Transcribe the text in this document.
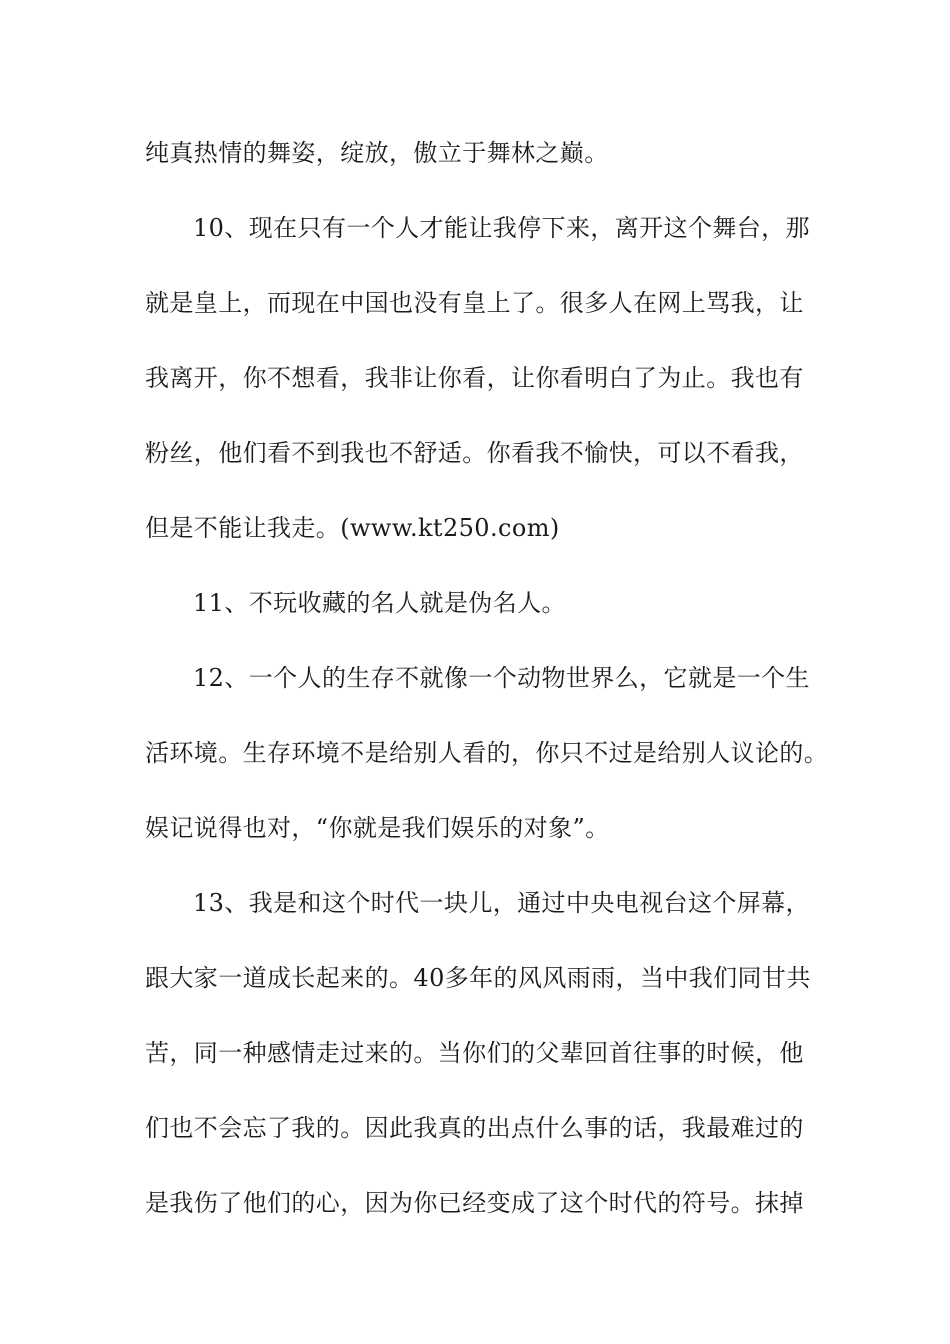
纯真热情的舞姿，绽放，傲立于舞林之巅。
10、现在只有一个人才能让我停下来，离开这个舞台，那
就是皇上，而现在中国也没有皇上了。很多人在网上骂我，让
我离开，你不想看，我非让你看，让你看明白了为止。我也有
粉丝，他们看不到我也不舒适。你看我不愉快，可以不看我，
但是不能让我走。(www.kt250.com)
11、不玩收藏的名人就是伪名人。
12、一个人的生存不就像一个动物世界么，它就是一个生
活环境。生存环境不是给别人看的，你只不过是给别人议论的。
娱记说得也对，“你就是我们娱乐的对象”。
13、我是和这个时代一块儿，通过中央电视台这个屏幕，
跟大家一道成长起来的。40多年的风风雨雨，当中我们同甘共
苦，同一种感情走过来的。当你们的父辈回首往事的时候，他
们也不会忘了我的。因此我真的出点什么事的话，我最难过的
是我伤了他们的心，因为你已经变成了这个时代的符号。抹掉
